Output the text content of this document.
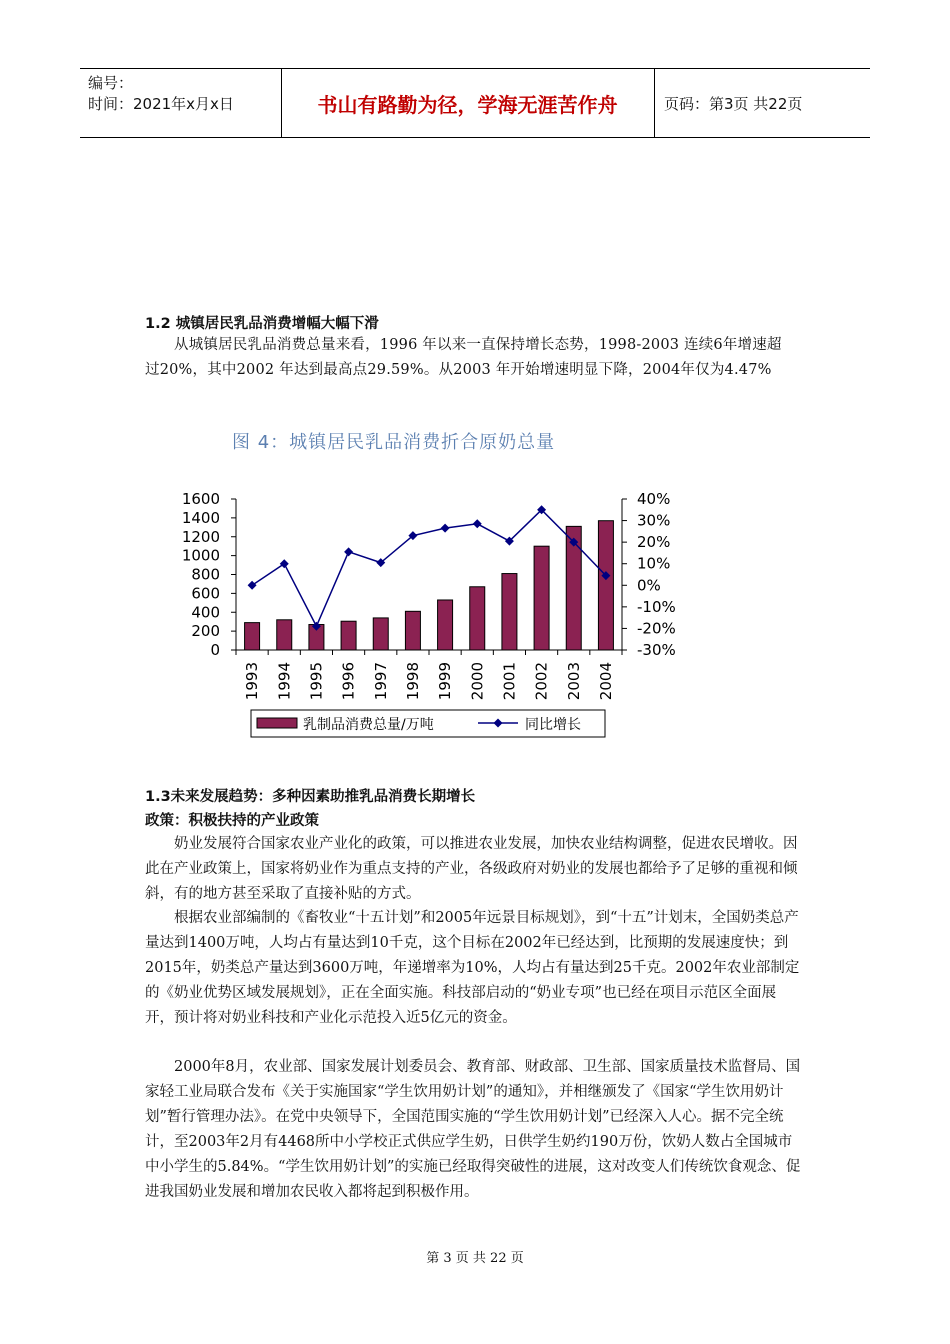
编号：
时间：2021年x月x日	书山有路勤为径，学海无涯苦作舟	页码：第3页 共22页
1.2 城镇居民乳品消费增幅大幅下滑
从城镇居民乳品消费总量来看，1996 年以来一直保持增长态势，1998-2003 连续6年增速超过20%，其中2002 年达到最高点29.59%。从2003 年开始增速明显下降，2004年仅为4.47%
图 4：城镇居民乳品消费折合原奶总量
0
200
400
600
800
1000
1200
1400
1600
-30%
-20%
-10%
0%
10%
20%
30%
40%
1993 1994 1995 1996 1997 1998 1999 2000 2001 2002 2003 2004
乳制品消费总量/万吨	同比增长
1.3未来发展趋势：多种因素助推乳品消费长期增长
政策：积极扶持的产业政策
奶业发展符合国家农业产业化的政策，可以推进农业发展，加快农业结构调整，促进农民增收。因此在产业政策上，国家将奶业作为重点支持的产业，各级政府对奶业的发展也都给予了足够的重视和倾斜，有的地方甚至采取了直接补贴的方式。
根据农业部编制的《畜牧业“十五计划”和2005年远景目标规划》，到“十五”计划末，全国奶类总产量达到1400万吨，人均占有量达到10千克，这个目标在2002年已经达到，比预期的发展速度快；到2015年，奶类总产量达到3600万吨，年递增率为10%，人均占有量达到25千克。2002年农业部制定的《奶业优势区域发展规划》，正在全面实施。科技部启动的“奶业专项”也已经在项目示范区全面展开，预计将对奶业科技和产业化示范投入近5亿元的资金。
2000年8月，农业部、国家发展计划委员会、教育部、财政部、卫生部、国家质量技术监督局、国家轻工业局联合发布《关于实施国家“学生饮用奶计划”的通知》，并相继颁发了《国家“学生饮用奶计划”暂行管理办法》。在党中央领导下，全国范围实施的“学生饮用奶计划”已经深入人心。据不完全统计，至2003年2月有4468所中小学校正式供应学生奶，日供学生奶约190万份，饮奶人数占全国城市中小学生的5.84%。“学生饮用奶计划”的实施已经取得突破性的进展，这对改变人们传统饮食观念、促进我国奶业发展和增加农民收入都将起到积极作用。
第 3 页 共 22 页
